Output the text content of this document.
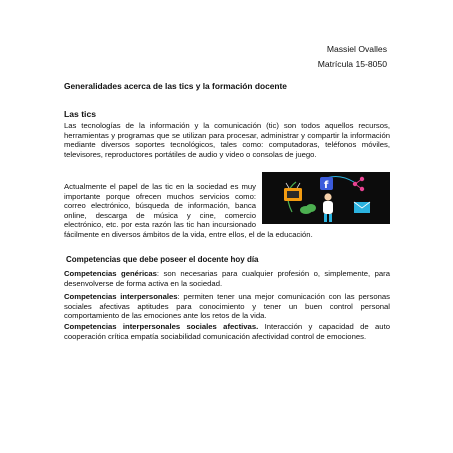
Massiel Ovalles
Matrícula 15-8050
Generalidades acerca de las tics y la formación docente
Las tics

Las tecnologías de la información y la comunicación (tic) son todos aquellos recursos, herramientas y programas que se utilizan para procesar, administrar y compartir la información mediante diversos soportes tecnológicos, tales como: computadoras, teléfonos móviles, televisores, reproductores portátiles de audio y video o consolas de juego.

f
Actualmente el papel de las tic en la sociedad es muy importante porque ofrecen muchos servicios como: correo electrónico, búsqueda de información, banca online, descarga de música y cine, comercio electrónico, etc. por esta razón las tic han incursionado fácilmente en diversos ámbitos de la vida, entre ellos, el de la educación.

Competencias que debe poseer el docente hoy día

Competencias genéricas: son necesarias para cualquier profesión o, simplemente, para desenvolverse de forma activa en la sociedad.

Competencias interpersonales: permiten tener una mejor comunicación con las personas sociales afectivas aptitudes para conocimiento y tener un buen control personal comportamiento de las emociones ante los retos de la vida.

Competencias interpersonales sociales afectivas. Interacción y capacidad de auto cooperación crítica empatía sociabilidad comunicación afectividad control de emociones.
